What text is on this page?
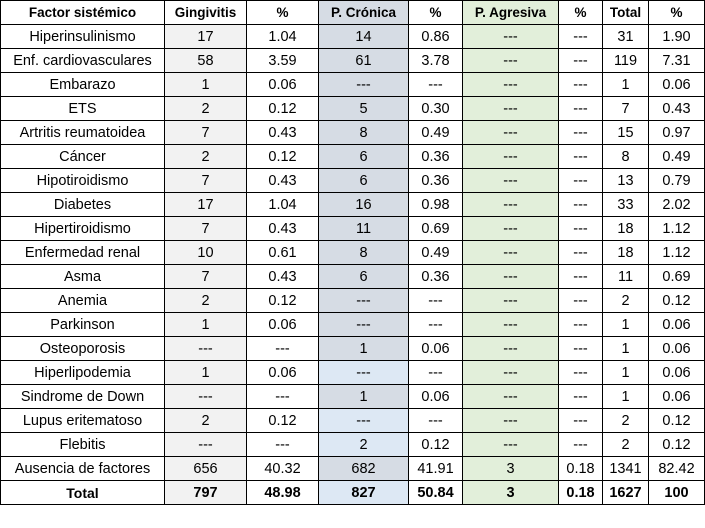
Factor sistémico	Gingivitis	%	P. Crónica	%	P. Agresiva	%	Total	%
Hiperinsulinismo	17	1.04	14	0.86	---	---	31	1.90
Enf. cardiovasculares	58	3.59	61	3.78	---	---	119	7.31
Embarazo	1	0.06	---	---	---	---	1	0.06
ETS	2	0.12	5	0.30	---	---	7	0.43
Artritis reumatoidea	7	0.43	8	0.49	---	---	15	0.97
Cáncer	2	0.12	6	0.36	---	---	8	0.49
Hipotiroidismo	7	0.43	6	0.36	---	---	13	0.79
Diabetes	17	1.04	16	0.98	---	---	33	2.02
Hipertiroidismo	7	0.43	11	0.69	---	---	18	1.12
Enfermedad renal	10	0.61	8	0.49	---	---	18	1.12
Asma	7	0.43	6	0.36	---	---	11	0.69
Anemia	2	0.12	---	---	---	---	2	0.12
Parkinson	1	0.06	---	---	---	---	1	0.06
Osteoporosis	---	---	1	0.06	---	---	1	0.06
Hiperlipodemia	1	0.06	---	---	---	---	1	0.06
Sindrome de Down	---	---	1	0.06	---	---	1	0.06
Lupus eritematoso	2	0.12	---	---	---	---	2	0.12
Flebitis	---	---	2	0.12	---	---	2	0.12
Ausencia de factores	656	40.32	682	41.91	3	0.18	1341	82.42
Total	797	48.98	827	50.84	3	0.18	1627	100
